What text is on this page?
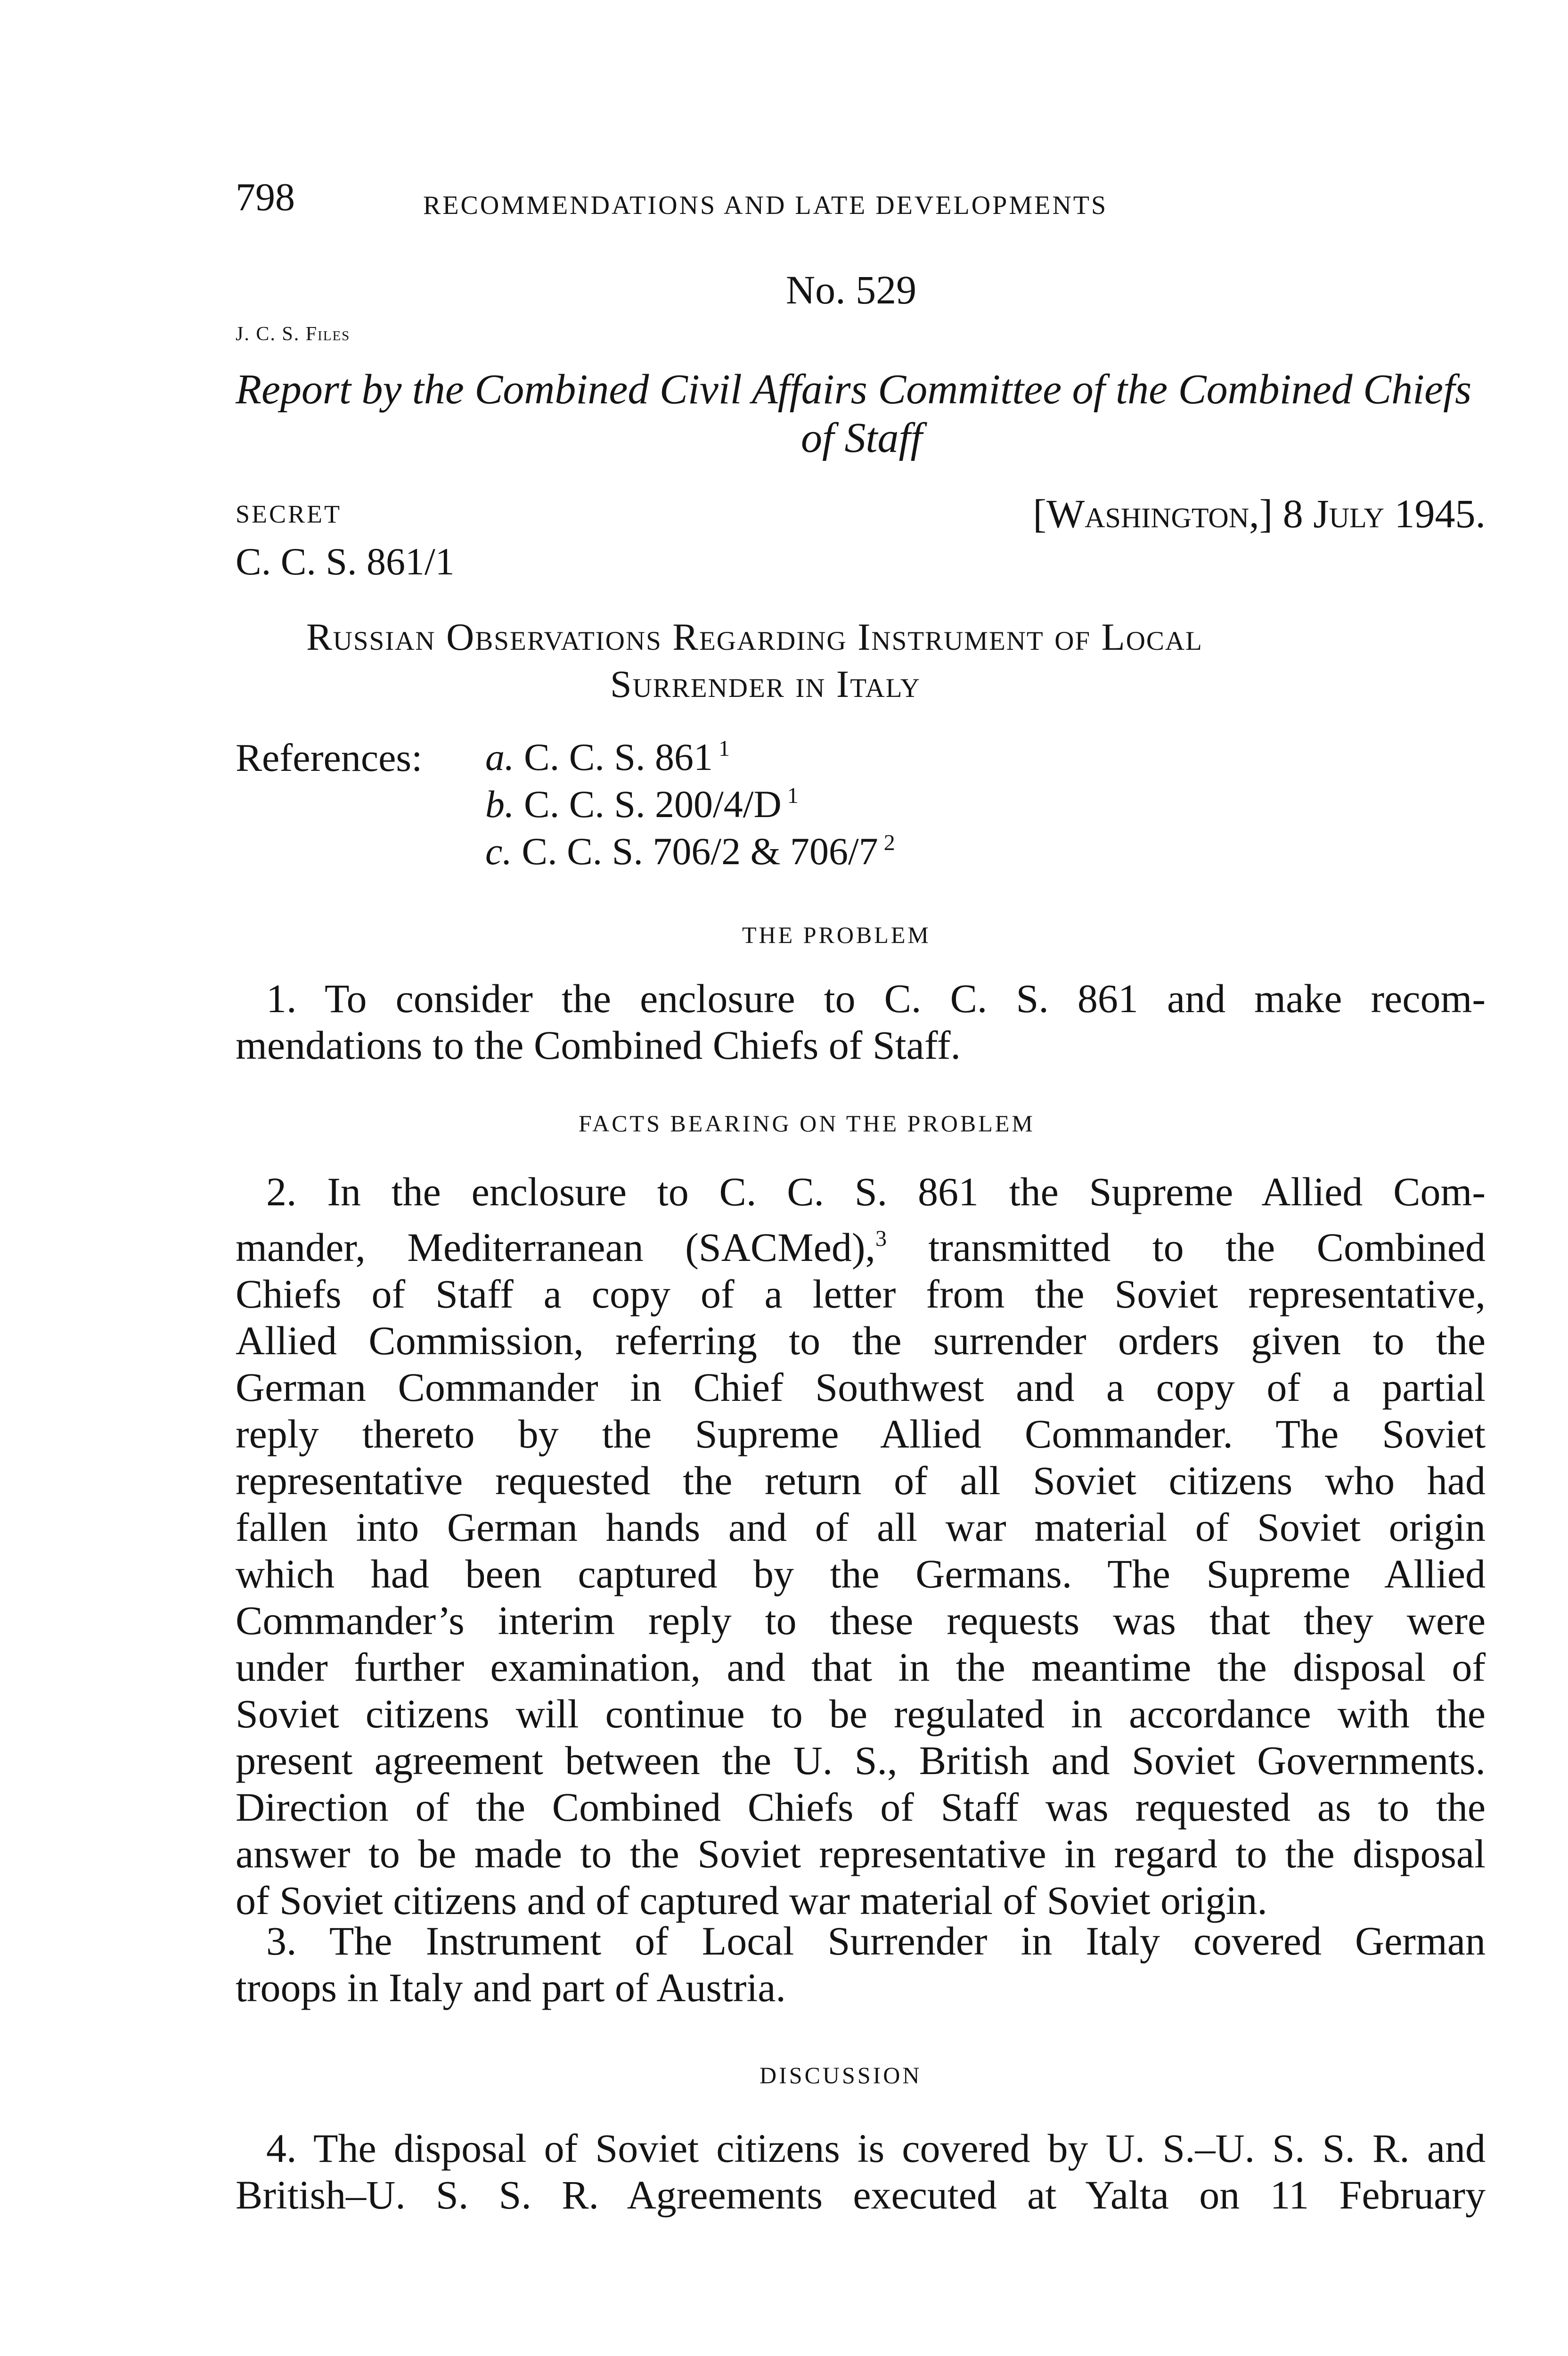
798	RECOMMENDATIONS AND LATE DEVELOPMENTS
No. 529
J. C. S. Files
Report by the Combined Civil Affairs Committee of the Combined Chiefs
of Staff
SECRET	[Washington,] 8 July 1945.
C. C. S. 861/1
Russian Observations Regarding Instrument of Local
Surrender in Italy
References: a. C. C. S. 861 $^1$
b. C. C. S. 200/4/D $^1$
c. C. C. S. 706/2 & 706/7 $^2$
THE PROBLEM
1. To consider the enclosure to C. C. S. 861 and make recom-
mendations to the Combined Chiefs of Staff.
FACTS BEARING ON THE PROBLEM
2. In the enclosure to C. C. S. 861 the Supreme Allied Com-
mander, Mediterranean (SACMed),$^3$ transmitted to the Combined
Chiefs of Staff a copy of a letter from the Soviet representative,
Allied Commission, referring to the surrender orders given to the
German Commander in Chief Southwest and a copy of a partial
reply thereto by the Supreme Allied Commander. The Soviet
representative requested the return of all Soviet citizens who had
fallen into German hands and of all war material of Soviet origin
which had been captured by the Germans. The Supreme Allied
Commander’s interim reply to these requests was that they were
under further examination, and that in the meantime the disposal of
Soviet citizens will continue to be regulated in accordance with the
present agreement between the U. S., British and Soviet Governments.
Direction of the Combined Chiefs of Staff was requested as to the
answer to be made to the Soviet representative in regard to the disposal
of Soviet citizens and of captured war material of Soviet origin.
3. The Instrument of Local Surrender in Italy covered German
troops in Italy and part of Austria.
DISCUSSION
4. The disposal of Soviet citizens is covered by U. S.–U. S. S. R. and
British–U. S. S. R. Agreements executed at Yalta on 11 February
